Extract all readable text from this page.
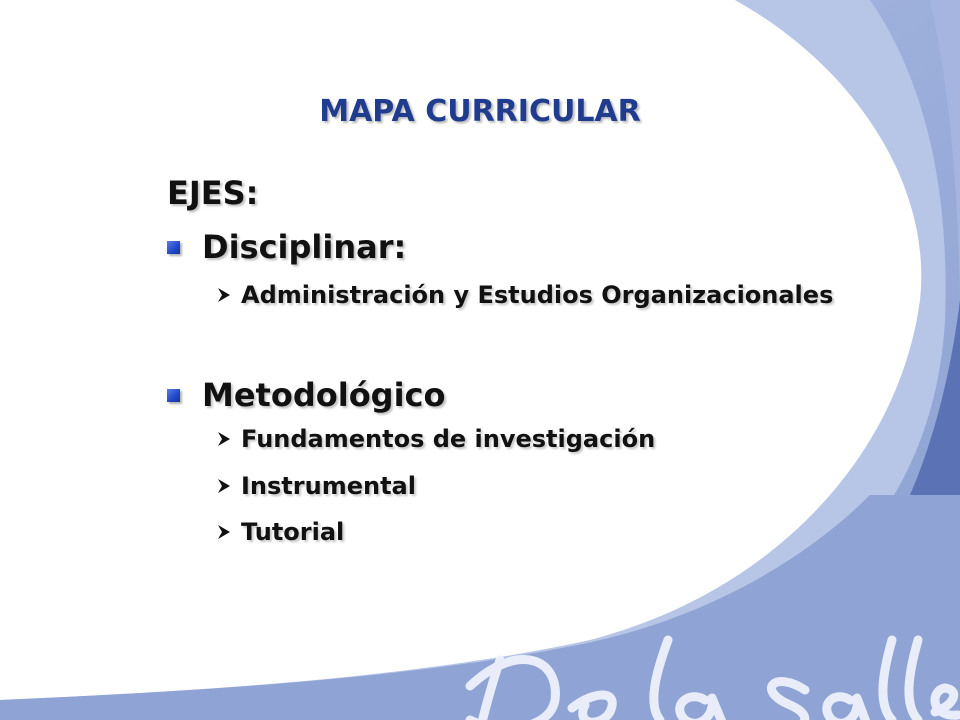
MAPA CURRICULAR
EJES:
Disciplinar:
Administración y Estudios Organizacionales
Metodológico
Fundamentos de investigación
Instrumental
Tutorial
